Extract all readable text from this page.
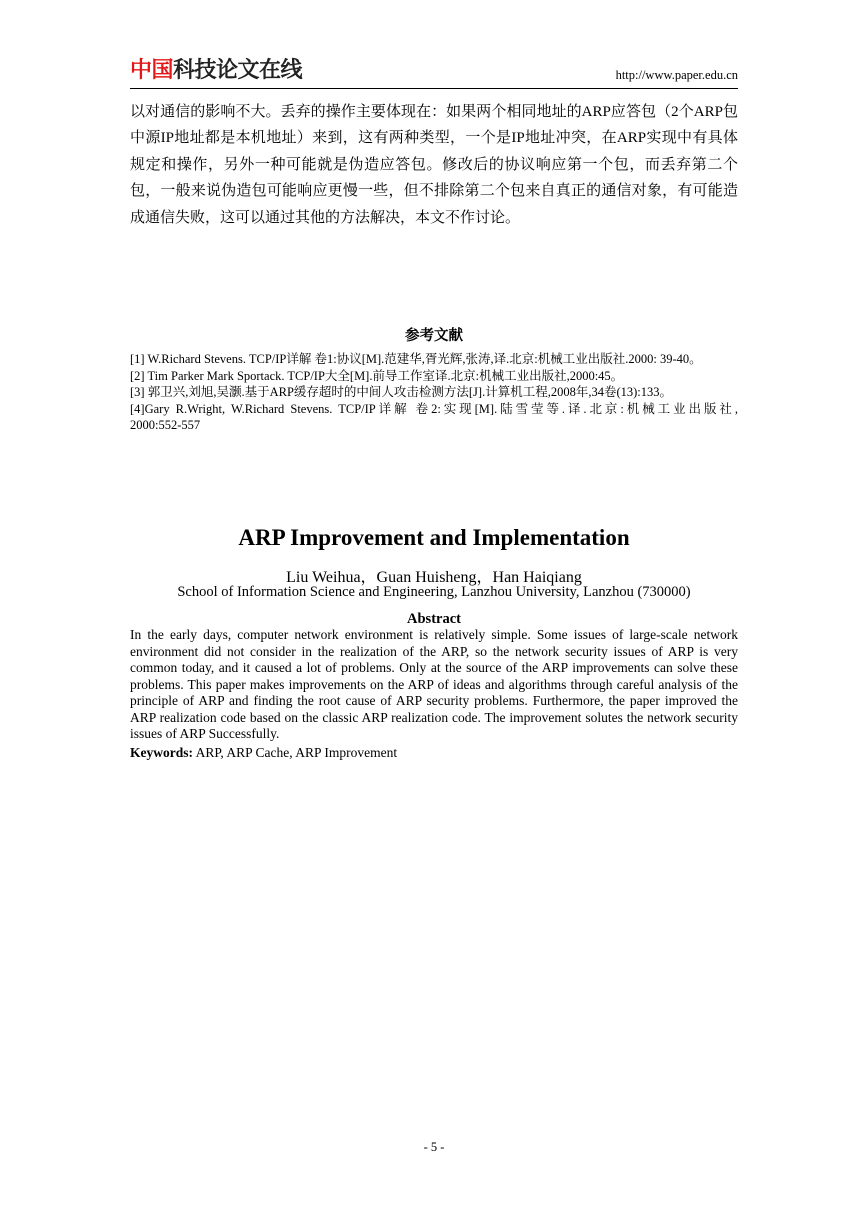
中国科技论文在线	http://www.paper.edu.cn

以对通信的影响不大。丢弃的操作主要体现在：如果两个相同地址的ARP应答包（2个ARP包中源IP地址都是本机地址）来到，这有两种类型，一个是IP地址冲突，在ARP实现中有具体规定和操作，另外一种可能就是伪造应答包。修改后的协议响应第一个包，而丢弃第二个包，一般来说伪造包可能响应更慢一些，但不排除第二个包来自真正的通信对象，有可能造成通信失败，这可以通过其他的方法解决，本文不作讨论。

参考文献
[1] W.Richard Stevens. TCP/IP详解 卷1:协议[M].范建华,胥光辉,张涛,译.北京:机械工业出版社.2000: 39-40。
[2] Tim Parker Mark Sportack. TCP/IP大全[M].前导工作室译.北京:机械工业出版社,2000:45。
[3] 郭卫兴,刘旭,吴灏.基于ARP缓存超时的中间人攻击检测方法[J].计算机工程,2008年,34卷(13):133。
[4]Gary R.Wright, W.Richard Stevens. TCP/IP详解 卷2:实现[M].陆雪莹等.译.北京:机械工业出版社,
2000:552-557
ARP Improvement and Implementation
Liu Weihua，Guan Huisheng，Han Haiqiang
School of Information Science and Engineering, Lanzhou University, Lanzhou (730000)
Abstract

In the early days, computer network environment is relatively simple. Some issues of large-scale network environment did not consider in the realization of the ARP, so the network security issues of ARP is very common today, and it caused a lot of problems. Only at the source of the ARP improvements can solve these problems. This paper makes improvements on the ARP of ideas and algorithms through careful analysis of the principle of ARP and finding the root cause of ARP security problems. Furthermore, the paper improved the ARP realization code based on the classic ARP realization code. The improvement solutes the network security issues of ARP Successfully.

Keywords: ARP, ARP Cache, ARP Improvement
- 5 -
